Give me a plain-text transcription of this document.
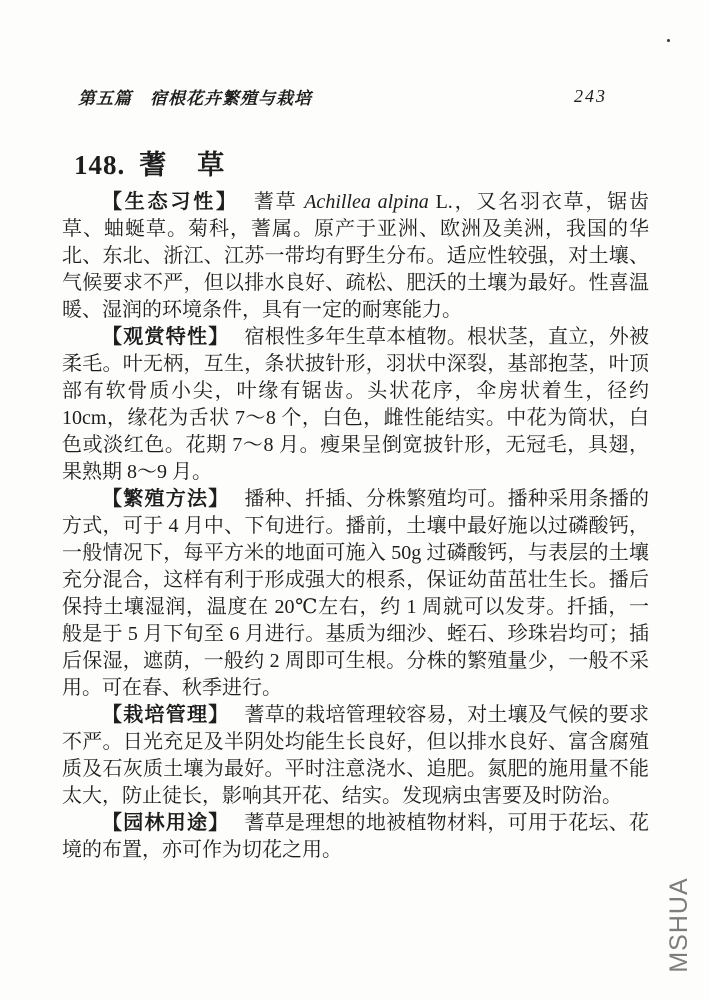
第五篇　宿根花卉繁殖与栽培	243
148. 蓍　草

【生态习性】 蓍草 Achillea alpina L.，又名羽衣草，锯齿草、蚰蜒草。菊科，蓍属。原产于亚洲、欧洲及美洲，我国的华北、东北、浙江、江苏一带均有野生分布。适应性较强，对土壤、气候要求不严，但以排水良好、疏松、肥沃的土壤为最好。性喜温暖、湿润的环境条件，具有一定的耐寒能力。

【观赏特性】 宿根性多年生草本植物。根状茎，直立，外被柔毛。叶无柄，互生，条状披针形，羽状中深裂，基部抱茎，叶顶部有软骨质小尖，叶缘有锯齿。头状花序，伞房状着生，径约 10cm，缘花为舌状 7～8 个，白色，雌性能结实。中花为筒状，白色或淡红色。花期 7～8 月。瘦果呈倒宽披针形，无冠毛，具翅，果熟期 8～9 月。

【繁殖方法】 播种、扦插、分株繁殖均可。播种采用条播的方式，可于 4 月中、下旬进行。播前，土壤中最好施以过磷酸钙，一般情况下，每平方米的地面可施入 50g 过磷酸钙，与表层的土壤充分混合，这样有利于形成强大的根系，保证幼苗茁壮生长。播后保持土壤湿润，温度在 20℃左右，约 1 周就可以发芽。扦插，一般是于 5 月下旬至 6 月进行。基质为细沙、蛭石、珍珠岩均可；插后保湿，遮荫，一般约 2 周即可生根。分株的繁殖量少，一般不采用。可在春、秋季进行。

【栽培管理】 蓍草的栽培管理较容易，对土壤及气候的要求不严。日光充足及半阴处均能生长良好，但以排水良好、富含腐殖质及石灰质土壤为最好。平时注意浇水、追肥。氮肥的施用量不能太大，防止徒长，影响其开花、结实。发现病虫害要及时防治。

【园林用途】 蓍草是理想的地被植物材料，可用于花坛、花境的布置，亦可作为切花之用。

MSHUA
